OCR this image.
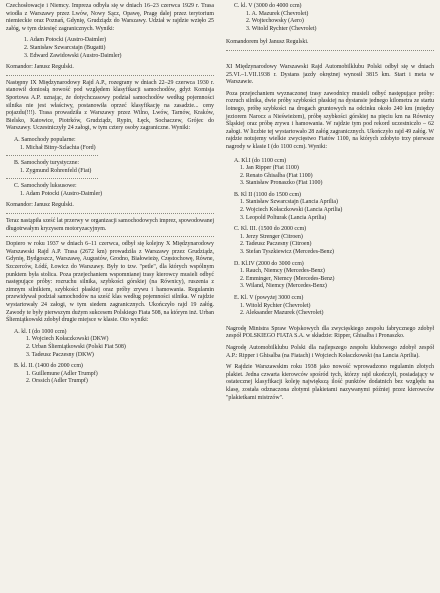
Czechosłowacje i Niemcy. Impreza odbyła się w dniach 16–23 czerwca 1929 r. Trasa wiodła z Warszawy przez Lwów, Nowy Sącz, Opawę, Pragę dalej przez terytorium niemieckie oraz Poznań, Gdynię, Grudziądz do Warszawy. Udział w rajdzie wzięło 25 załóg, w tym dziesięć zagranicznych. Wyniki:

1. Adam Potocki (Austro-Daimler)
2. Stanisław Szwarcstajn (Bugatti)
3. Edward Zawidowski (Austro-Daimler)

Komandor: Janusz Regulski.

Następny IX Międzynarodowy Rajd A.P., rozegrany w dniach 22–29 czerwca 1930 r. stanowił doniosłą nowość pod względem klasyfikacji samochodów, gdyż Komisja Sportowa A.P. uznając, że dotychczasowy podział samochodów według pojemności silnika nie jest właściwy, postanowiła oprzeć klasyfikację na zasadzie... ceny pojazdu(!!!). Trasa prowadziła z Warszawy przez Wilno, Lwów, Tarnów, Kraków, Bielsko, Katowice, Piotrków, Grudziądz, Rypin, Łęck, Sochaczew, Grójec do Warszawy. Uczestniczyły 24 załogi, w tym cztery osoby zagraniczne. Wyniki:

A. Samochody popularne:
1. Michał Bitny-Szlachta (Ford)
B. Samochody turystyczne:
1. Zygmund Rohrenfeld (Fiat)
C. Samochody luksusowe:
1. Adam Potocki (Austro-Daimler)

Komandor: Janusz Regulski.

Teraz nastąpiła sześć lat przerwy w organizacji samochodowych imprez, spowodowanej długotrwałym kryzysem motoryzacyjnym.

Dopiero w roku 1937 w dniach 6–11 czerwca, odbył się kolejny X Międzynarodowy Warszawski Rajd A.P. Trasa (2672 km) prowadziła z Warszawy przez Grudziądz, Gdynię, Bydgoszcz, Warszawę, Augustów, Grodno, Białowieżę, Częstochowę, Równe, Szczerców, Łódź, Łowicz do Warszawy. Były to tzw. "petle", dla których wspólnym punktem była stolica. Poza przejechaniem wspomnianej trasy kierowcy musieli odbyć następujące próby: rozruchu silnika, szybkości górskiej (na Równicy), ruszenia z zimnym silnikiem, szybkości płaskiej oraz próby zrywu i hamowania. Regulamin przewidywał podział samochodów na sześć klas według pojemności silnika. W rajdzie wystartowały 24 załogi, w tym siedem zagranicznych. Ukończyło rajd 19 załóg. Zawody te były pierwszym dużym sukcesem Polskiego Fiata 508, na którym inż. Urban Śliemiątkowski zdobył drugie miejsce w klasie. Oto wyniki:

A. kl. I (do 1000 ccm)
1. Wojciech Kołaczkowski (DKW)
2. Urban Śliemiątkowski (Polski Fiat 508)
3. Tadeusz Paczesny (DKW)
B. kl. II. (1400 do 2000 ccm)
1. Guillemune (Adler Trumpf)
2. Orssich (Adler Trumpf)
C. kl. V (3000 do 4000 ccm)
1. A. Mazurek (Chevrolet)
2. Wojtechowsky (Aero)
3. Witold Rychter (Chevrolet)

Komandorem był Janusz Regulski.

XI Międzynarodowy Warszawski Rajd Automobilklubu Polski odbył się w dniach 25.VI.–1.VII.1938 r. Dystans jazdy okrężnej wynosił 3815 km. Start i meta w Warszawie.

Poza przejechaniem wyznaczonej trasy zawodnicy musieli odbyć następujące próby: rozruch silnika, dwie próby szybkości płaskiej na dystansie jednego kilometra ze startu lotnego, próbę szybkości na drogach gruntowych na odcinku około 240 km (między jeziorem Narocz a Nieświeżem), próbę szybkości górskiej na pięciu km na Równicy Śląskiej oraz próbę zrywu i hamowania. W rajdzie tym pod rekord uczestniczło – 62 załogi. W liczbie tej wystartowało 28 załóg zagranicznych. Ukończyło rajd 49 załóg. W rajdzie notujemy wielkie zwycięstwo Fiatów 1100, na których zdobyto trzy pierwsze nagrody w klasie I (do 1100 ccm). Wyniki:

A. Kl.I (do 1100 ccm)
1. Jan Ripper (Fiat 1100)
2. Renato Ghisalba (Fiat 1100)
3. Stanisław Pronaszko (Fiat 1100)
B. Kl II (1100 do 1500 ccm)
1. Stanisław Szwarcstajn (Lancia Aprilia)
2. Wojciech Kołaczkowski (Lancia Aprilia)
3. Leopold Polturak (Lancia Aprilia)
C. Kl. III. (1500 do 2000 ccm)
1. Jerzy Strenger (Citroen)
2. Tadeusz Paczesny (Citroen)
3. Stefan Tyszkiewicz (Mercedes-Benz)
D. Kl.IV (2000 do 3000 ccm)
1. Rauch, Niemcy (Mercedes-Benz)
2. Emminger, Niemcy (Mercedes-Benz)
3. Wiland, Niemcy (Mercedes-Benz)
E. Kl. V (powyżej 3000 ccm)
1. Witold Rychter (Chevrolet)
2. Aleksander Mazurek (Chevrolet)

Nagrodę Ministra Spraw Wojskowych dla zwycięskiego zespołu fabrycznego zdobył zespół POLSKIEGO FIATA S.A. w składzie: Ripper, Ghisalba i Pronaszko.

Nagrodę Automobilklubu Polski dla najlepszego zespołu klubowego zdobył zespół A.P.: Ripper i Ghisalba (na Fiatach) i Wojciech Kołaczkowski (na Lancia Aprilia).

W Rajdzie Warszawskim roku 1938 jako nowość wprowadzono regulamin złotych plakiet. Jedna czwarta kierowców spośród tych, którzy rajd ukończyli, posiadający w ostatecznej klasyfikacji koleję największą ilość punktów dodatnich bez względu na klasę, została odznaczona złotymi plakietami nazywanymi później przez kierowców "plakietkami mistrzów".
